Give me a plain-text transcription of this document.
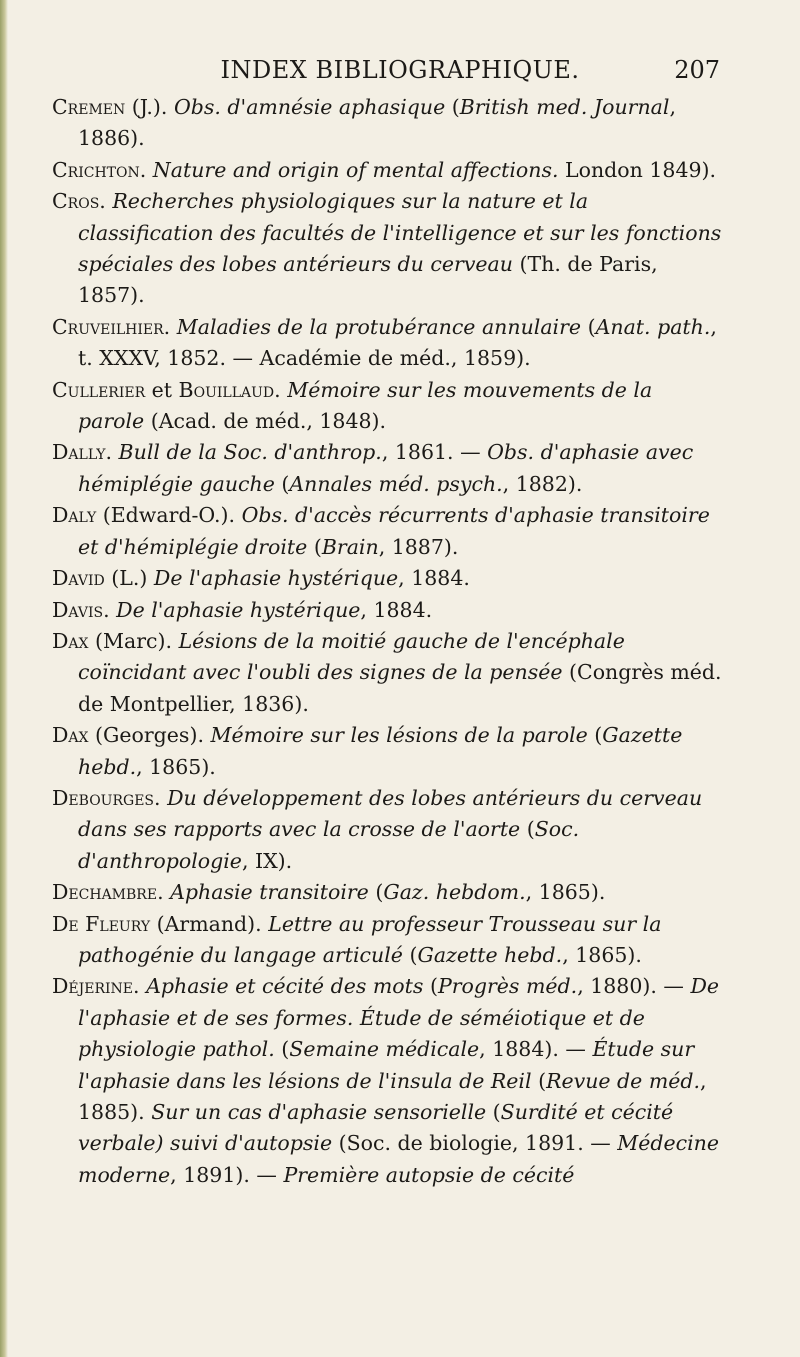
INDEX BIBLIOGRAPHIQUE.	207

Cremen (J.). Obs. d'amnésie aphasique (British med. Journal, 1886).

Crichton. Nature and origin of mental affections. London 1849).

Cros. Recherches physiologiques sur la nature et la classification des facultés de l'intelligence et sur les fonctions spéciales des lobes antérieurs du cerveau (Th. de Paris, 1857).

Cruveilhier. Maladies de la protubérance annulaire (Anat. path., t. XXXV, 1852. — Académie de méd., 1859).

Cullerier et Bouillaud. Mémoire sur les mouvements de la parole (Acad. de méd., 1848).

Dally. Bull de la Soc. d'anthrop., 1861. — Obs. d'aphasie avec hémiplégie gauche (Annales méd. psych., 1882).

Daly (Edward-O.). Obs. d'accès récurrents d'aphasie transitoire et d'hémiplégie droite (Brain, 1887).

David (L.) De l'aphasie hystérique, 1884.

Davis. De l'aphasie hystérique, 1884.

Dax (Marc). Lésions de la moitié gauche de l'encéphale coïncidant avec l'oubli des signes de la pensée (Congrès méd. de Montpellier, 1836).

Dax (Georges). Mémoire sur les lésions de la parole (Gazette hebd., 1865).

Debourges. Du développement des lobes antérieurs du cerveau dans ses rapports avec la crosse de l'aorte (Soc. d'anthropologie, IX).

Dechambre. Aphasie transitoire (Gaz. hebdom., 1865).

De Fleury (Armand). Lettre au professeur Trousseau sur la pathogénie du langage articulé (Gazette hebd., 1865).

Déjerine. Aphasie et cécité des mots (Progrès méd., 1880). — De l'aphasie et de ses formes. Étude de séméiotique et de physiologie pathol. (Semaine médicale, 1884). — Étude sur l'aphasie dans les lésions de l'insula de Reil (Revue de méd., 1885). Sur un cas d'aphasie sensorielle (Surdité et cécité verbale) suivi d'autopsie (Soc. de biologie, 1891. — Médecine moderne, 1891). — Première autopsie de cécité
